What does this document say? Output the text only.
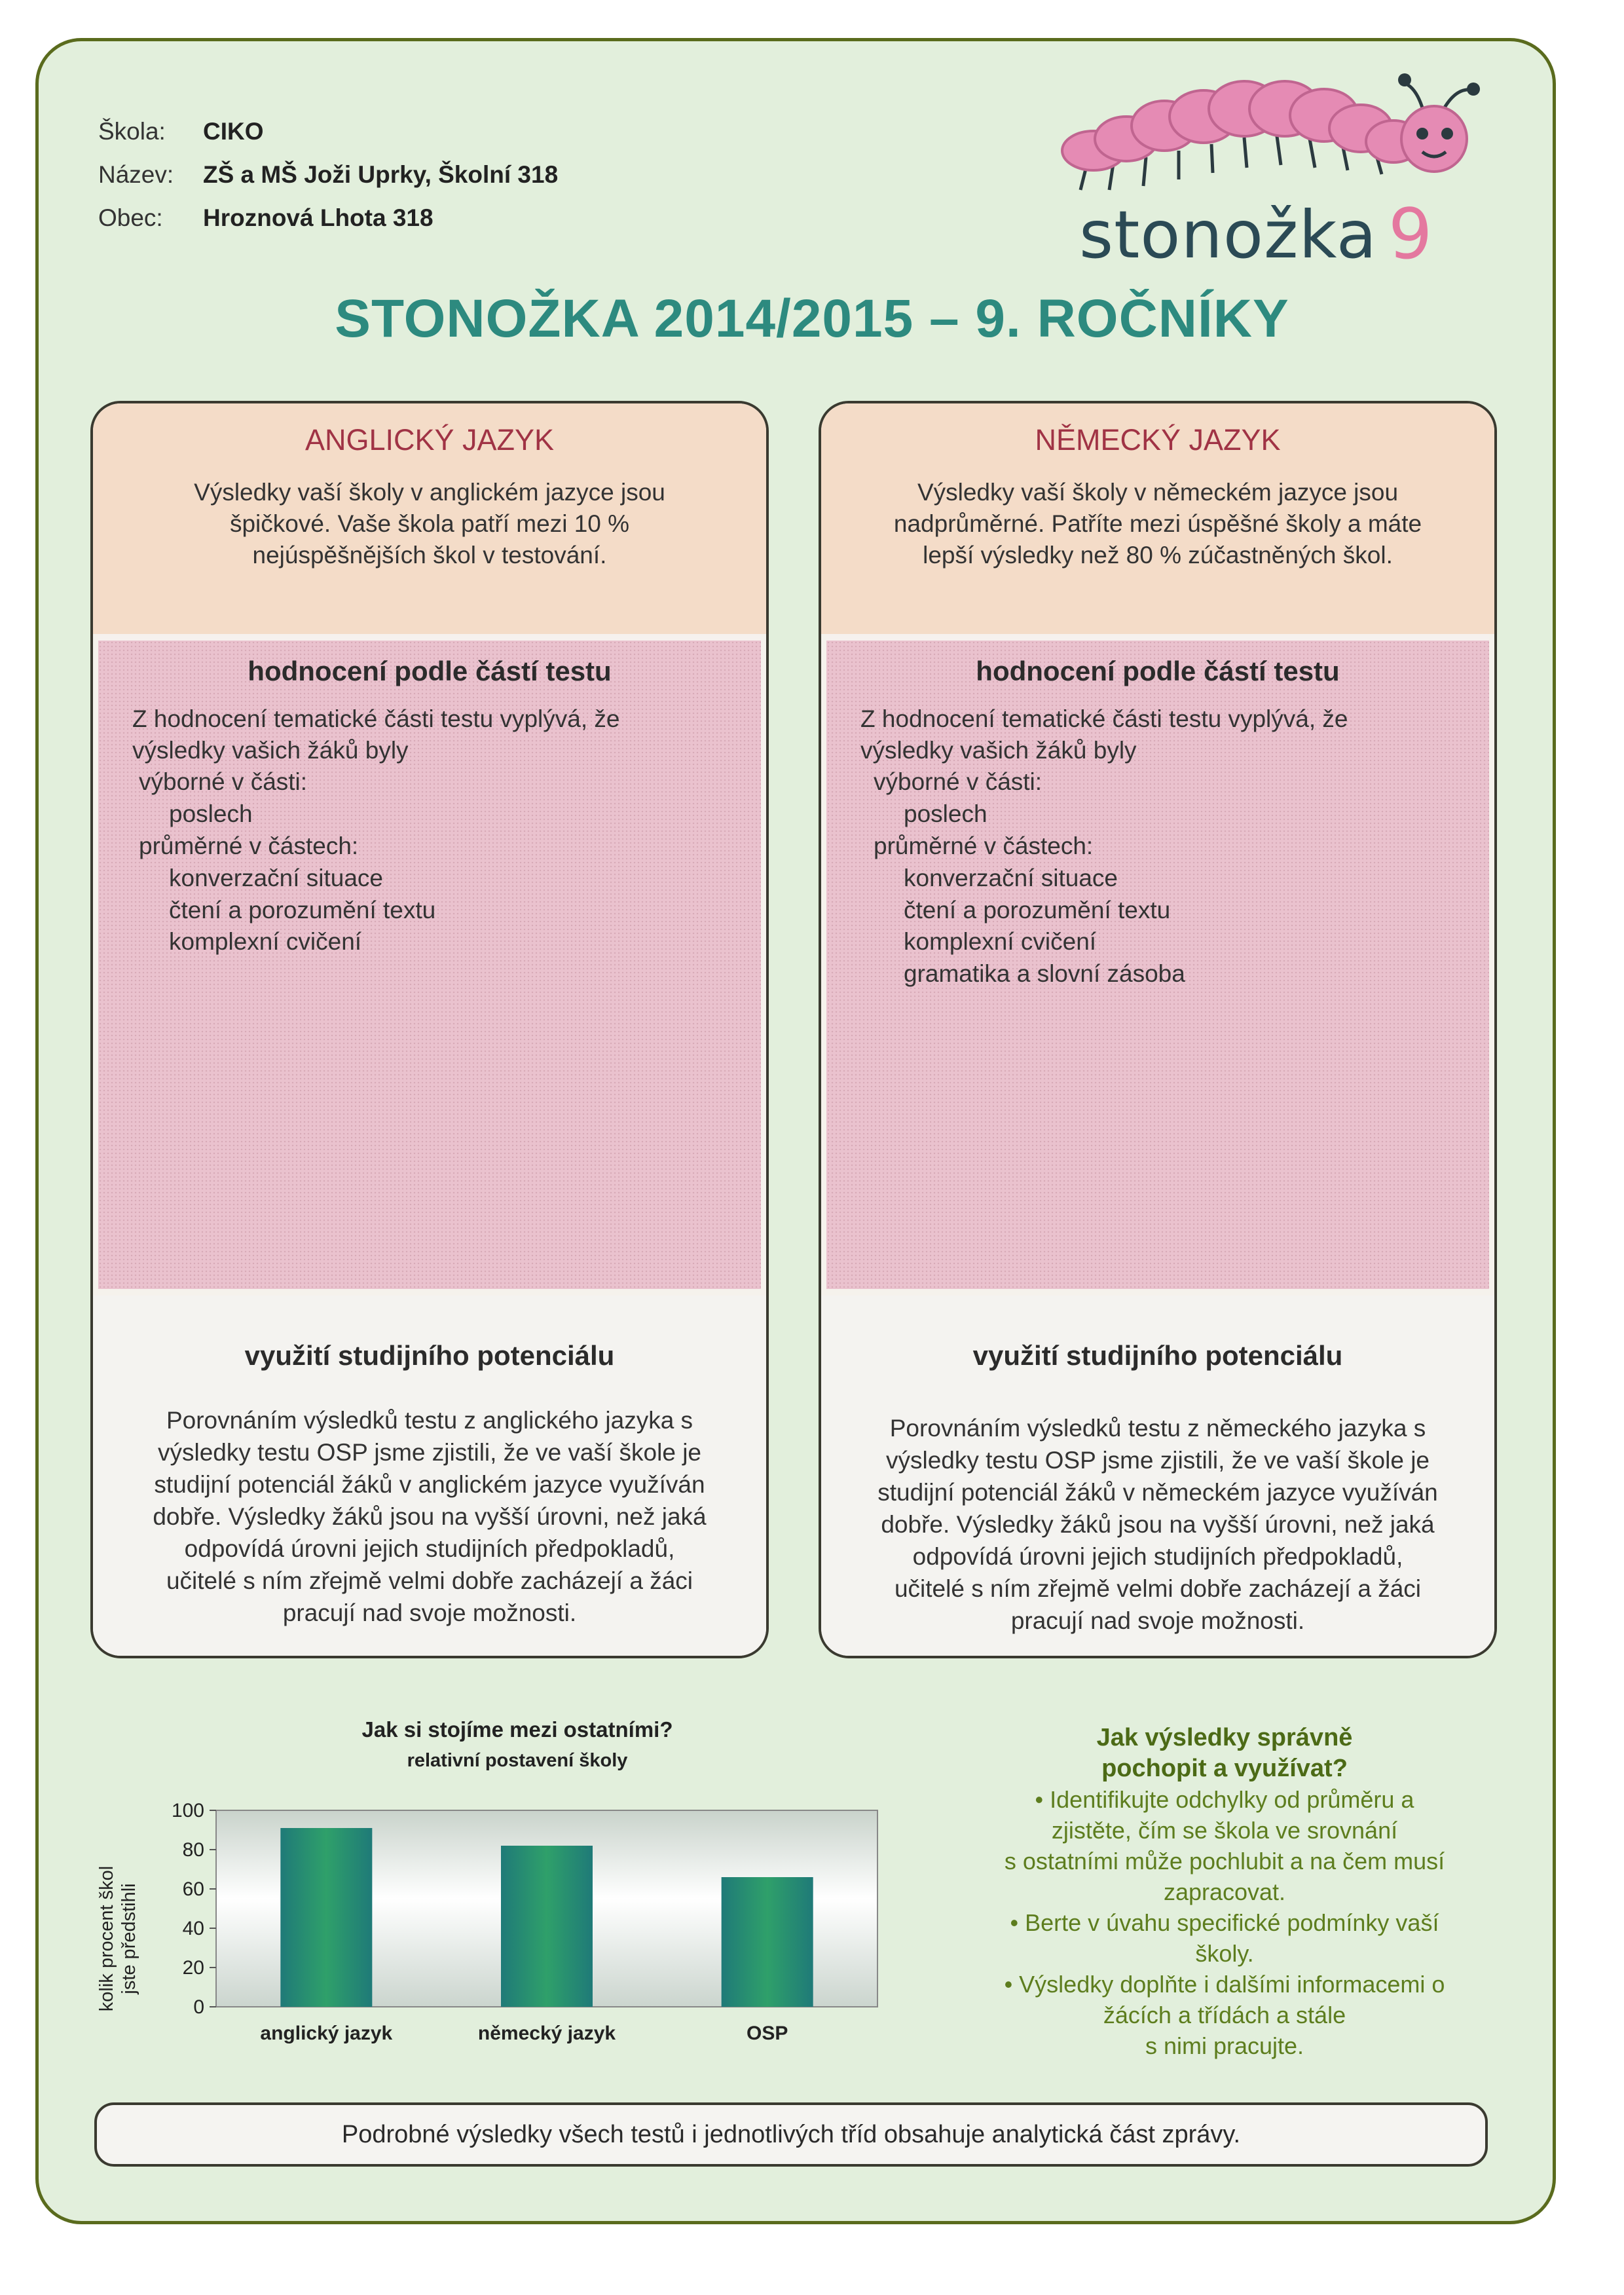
Škola:	CIKO
Název:	ZŠ a MŠ Joži Uprky, Školní 318
Obec:	Hroznová Lhota 318	stonožka 9
STONOŽKA 2014/2015 – 9. ROČNÍKY
ANGLICKÝ JAZYK
Výsledky vaší školy v anglickém jazyce jsou
špičkové. Vaše škola patří mezi 10 %
nejúspěšnějších škol v testování.
hodnocení podle částí testu
Z hodnocení tematické části testu vyplývá, že
výsledky vašich žáků byly
výborné v části:
poslech
průměrné v částech:
konverzační situace
čtení a porozumění textu
komplexní cvičení
využití studijního potenciálu
Porovnáním výsledků testu z anglického jazyka s
výsledky testu OSP jsme zjistili, že ve vaší škole je
studijní potenciál žáků v anglickém jazyce využíván
dobře. Výsledky žáků jsou na vyšší úrovni, než jaká
odpovídá úrovni jejich studijních předpokladů,
učitelé s ním zřejmě velmi dobře zacházejí a žáci
pracují nad svoje možnosti.
NĚMECKÝ JAZYK
Výsledky vaší školy v německém jazyce jsou
nadprůměrné. Patříte mezi úspěšné školy a máte
lepší výsledky než 80 % zúčastněných škol.
hodnocení podle částí testu
Z hodnocení tematické části testu vyplývá, že
výsledky vašich žáků byly
výborné v části:
poslech
průměrné v částech:
konverzační situace
čtení a porozumění textu
komplexní cvičení
gramatika a slovní zásoba
využití studijního potenciálu
Porovnáním výsledků testu z německého jazyka s
výsledky testu OSP jsme zjistili, že ve vaší škole je
studijní potenciál žáků v německém jazyce využíván
dobře. Výsledky žáků jsou na vyšší úrovni, než jaká
odpovídá úrovni jejich studijních předpokladů,
učitelé s ním zřejmě velmi dobře zacházejí a žáci
pracují nad svoje možnosti.
Jak si stojíme mezi ostatními?
relativní postavení školy
kolik procent škol jste předstihli
0
20
40
60
80
100
anglický jazyk	německý jazyk	OSP
Jak výsledky správně
pochopit a využívat?
• Identifikujte odchylky od průměru a
zjistěte, čím se škola ve srovnání
s ostatními může pochlubit a na čem musí
zapracovat.
• Berte v úvahu specifické podmínky vaší
školy.
• Výsledky doplňte i dalšími informacemi o
žácích a třídách a stále
s nimi pracujte.
Podrobné výsledky všech testů i jednotlivých tříd obsahuje analytická část zprávy.
